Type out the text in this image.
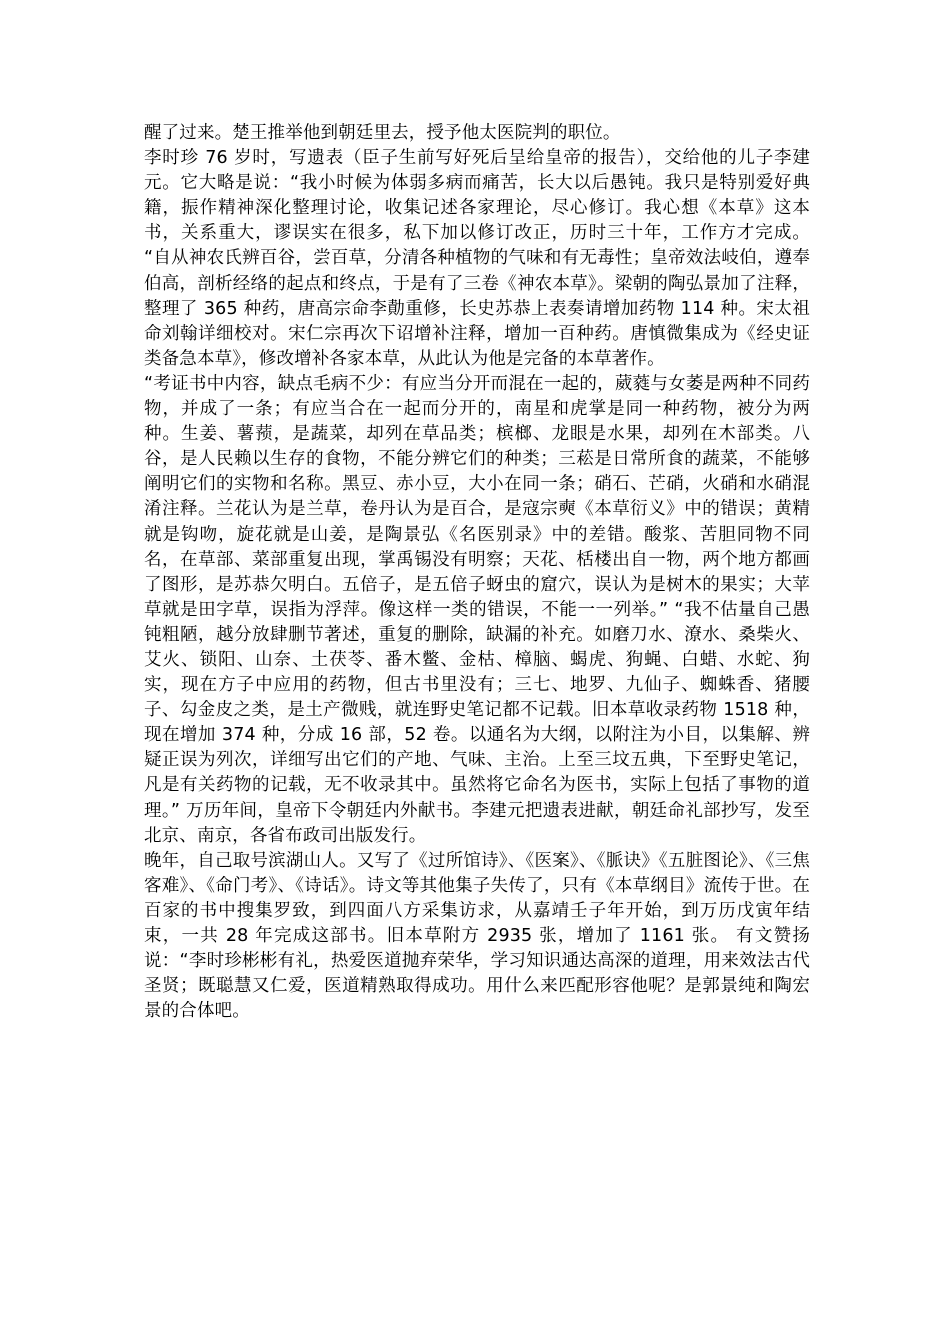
醒了过来。楚王推举他到朝廷里去，授予他太医院判的职位。

李时珍 76 岁时，写遗表（臣子生前写好死后呈给皇帝的报告），交给他的儿子李建元。它大略是说：“我小时候为体弱多病而痛苦，长大以后愚钝。我只是特别爱好典籍，振作精神深化整理讨论，收集记述各家理论，尽心修订。我心想《本草》这本书，关系重大，谬误实在很多，私下加以修订改正，历时三十年，工作方才完成。 “自从神农氏辨百谷，尝百草，分清各种植物的气味和有无毒性；皇帝效法岐伯，遵奉伯高，剖析经络的起点和终点，于是有了三卷《神农本草》。梁朝的陶弘景加了注释，整理了 365 种药，唐高宗命李勣重修，长史苏恭上表奏请增加药物 114 种。宋太祖命刘翰详细校对。宋仁宗再次下诏增补注释，增加一百种药。唐慎微集成为《经史证类备急本草》，修改增补各家本草，从此认为他是完备的本草著作。

“考证书中内容，缺点毛病不少：有应当分开而混在一起的，葳蕤与女萎是两种不同药物，并成了一条；有应当合在一起而分开的，南星和虎掌是同一种药物，被分为两种。生姜、薯蓣，是蔬菜，却列在草品类；槟榔、龙眼是水果，却列在木部类。八谷，是人民赖以生存的食物，不能分辨它们的种类；三菘是日常所食的蔬菜，不能够阐明它们的实物和名称。黑豆、赤小豆，大小在同一条；硝石、芒硝，火硝和水硝混淆注释。兰花认为是兰草，卷丹认为是百合，是寇宗奭《本草衍义》中的错误；黄精就是钩吻，旋花就是山姜，是陶景弘《名医别录》中的差错。酸浆、苦胆同物不同名，在草部、菜部重复出现，掌禹锡没有明察；天花、栝楼出自一物，两个地方都画了图形，是苏恭欠明白。五倍子，是五倍子蚜虫的窟穴，误认为是树木的果实；大苹草就是田字草，误指为浮萍。像这样一类的错误，不能一一列举。” “我不估量自己愚钝粗陋，越分放肆删节著述，重复的删除，缺漏的补充。如磨刀水、潦水、桑柴火、艾火、锁阳、山奈、土茯苓、番木鳖、金枯、樟脑、蝎虎、狗蝇、白蜡、水蛇、狗实，现在方子中应用的药物，但古书里没有；三七、地罗、九仙子、蜘蛛香、猪腰子、勾金皮之类，是土产微贱，就连野史笔记都不记载。旧本草收录药物 1518 种，现在增加 374 种，分成 16 部，52 卷。以通名为大纲，以附注为小目，以集解、辨疑正误为列次，详细写出它们的产地、气味、主治。上至三坟五典，下至野史笔记，凡是有关药物的记载，无不收录其中。虽然将它命名为医书，实际上包括了事物的道理。” 万历年间，皇帝下令朝廷内外献书。李建元把遗表进献，朝廷命礼部抄写，发至北京、南京，各省布政司出版发行。

晚年，自己取号滨湖山人。又写了《过所馆诗》、《医案》、《脈诀》《五脏图论》、《三焦客难》、《命门考》、《诗话》。诗文等其他集子失传了，只有《本草纲目》流传于世。在百家的书中搜集罗致，到四面八方采集访求，从嘉靖壬子年开始，到万历戊寅年结束，一共 28 年完成这部书。旧本草附方 2935 张，增加了 1161 张。 有文赞扬说：“李时珍彬彬有礼，热爱医道抛弃荣华，学习知识通达高深的道理，用来效法古代圣贤；既聪慧又仁爱，医道精熟取得成功。用什么来匹配形容他呢？是郭景纯和陶宏景的合体吧。
